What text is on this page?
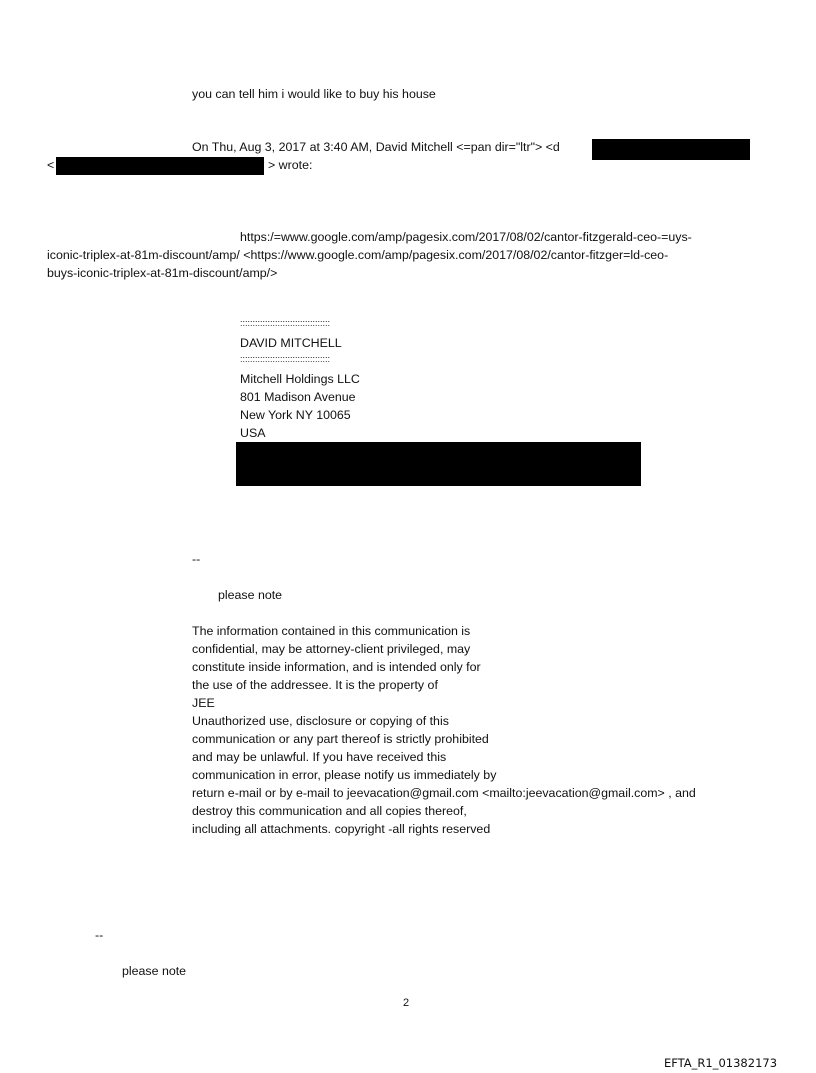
you can tell him i would like to buy his house
On Thu, Aug 3, 2017 at 3:40 AM, David Mitchell <=pan dir="ltr"> <d
<	> wrote:
https:/=www.google.com/amp/pagesix.com/2017/08/02/cantor-fitzgerald-ceo-=uys-
iconic-triplex-at-81m-discount/amp/ <https://www.google.com/amp/pagesix.com/2017/08/02/cantor-fitzger=ld-ceo-
buys-iconic-triplex-at-81m-discount/amp/>
::::::::::::::::::::::::::::::::::::
DAVID MITCHELL
::::::::::::::::::::::::::::::::::::
Mitchell Holdings LLC
801 Madison Avenue
New York NY 10065
USA
--
please note
The information contained in this communication is
confidential, may be attorney-client privileged, may
constitute inside information, and is intended only for
the use of the addressee. It is the property of
JEE
Unauthorized use, disclosure or copying of this
communication or any part thereof is strictly prohibited
and may be unlawful. If you have received this
communication in error, please notify us immediately by
return e-mail or by e-mail to jeevacation@gmail.com <mailto:jeevacation@gmail.com> , and
destroy this communication and all copies thereof,
including all attachments. copyright -all rights reserved
--
please note
2
EFTA_R1_01382173
